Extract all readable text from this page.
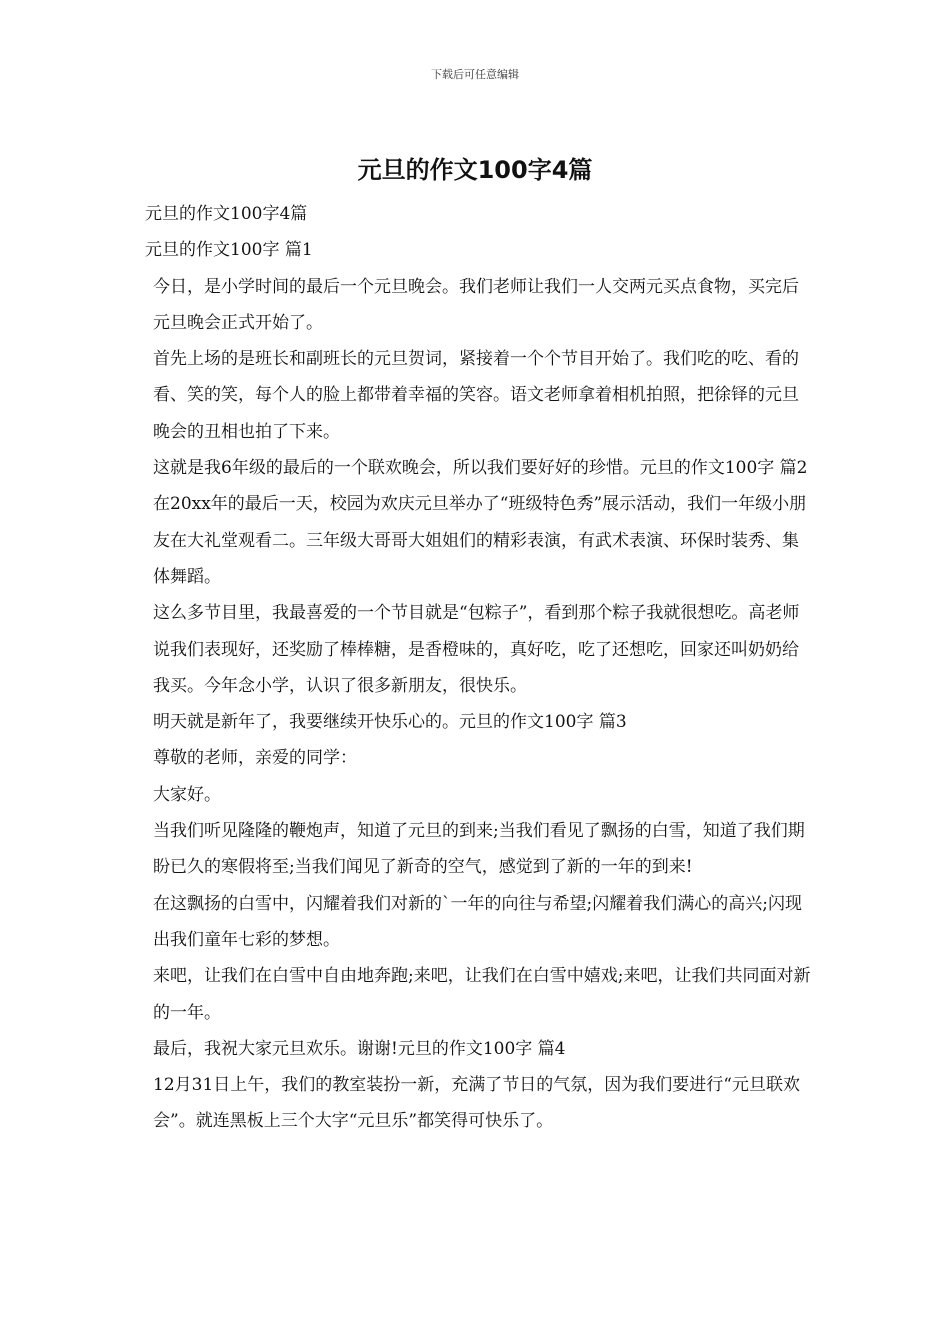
下载后可任意编辑
元旦的作文100字4篇

元旦的作文100字4篇

元旦的作文100字 篇1

今日，是小学时间的最后一个元旦晚会。我们老师让我们一人交两元买点食物，买完后元旦晚会正式开始了。

首先上场的是班长和副班长的元旦贺词，紧接着一个个节目开始了。我们吃的吃、看的看、笑的笑，每个人的脸上都带着幸福的笑容。语文老师拿着相机拍照，把徐铎的元旦晚会的丑相也拍了下来。

这就是我6年级的最后的一个联欢晚会，所以我们要好好的珍惜。元旦的作文100字 篇2

在20xx年的最后一天，校园为欢庆元旦举办了“班级特色秀”展示活动，我们一年级小朋友在大礼堂观看二。三年级大哥哥大姐姐们的精彩表演，有武术表演、环保时装秀、集体舞蹈。

这么多节目里，我最喜爱的一个节目就是“包粽子”，看到那个粽子我就很想吃。高老师说我们表现好，还奖励了棒棒糖，是香橙味的，真好吃，吃了还想吃，回家还叫奶奶给我买。今年念小学，认识了很多新朋友，很快乐。

明天就是新年了，我要继续开快乐心的。元旦的作文100字 篇3

尊敬的老师，亲爱的同学：

大家好。

当我们听见隆隆的鞭炮声，知道了元旦的到来;当我们看见了飘扬的白雪，知道了我们期盼已久的寒假将至;当我们闻见了新奇的空气，感觉到了新的一年的到来!

在这飘扬的白雪中，闪耀着我们对新的`一年的向往与希望;闪耀着我们满心的高兴;闪现出我们童年七彩的梦想。

来吧，让我们在白雪中自由地奔跑;来吧，让我们在白雪中嬉戏;来吧，让我们共同面对新的一年。

最后，我祝大家元旦欢乐。谢谢!元旦的作文100字 篇4

12月31日上午，我们的教室装扮一新，充满了节日的气氛，因为我们要进行“元旦联欢会”。就连黑板上三个大字“元旦乐”都笑得可快乐了。
